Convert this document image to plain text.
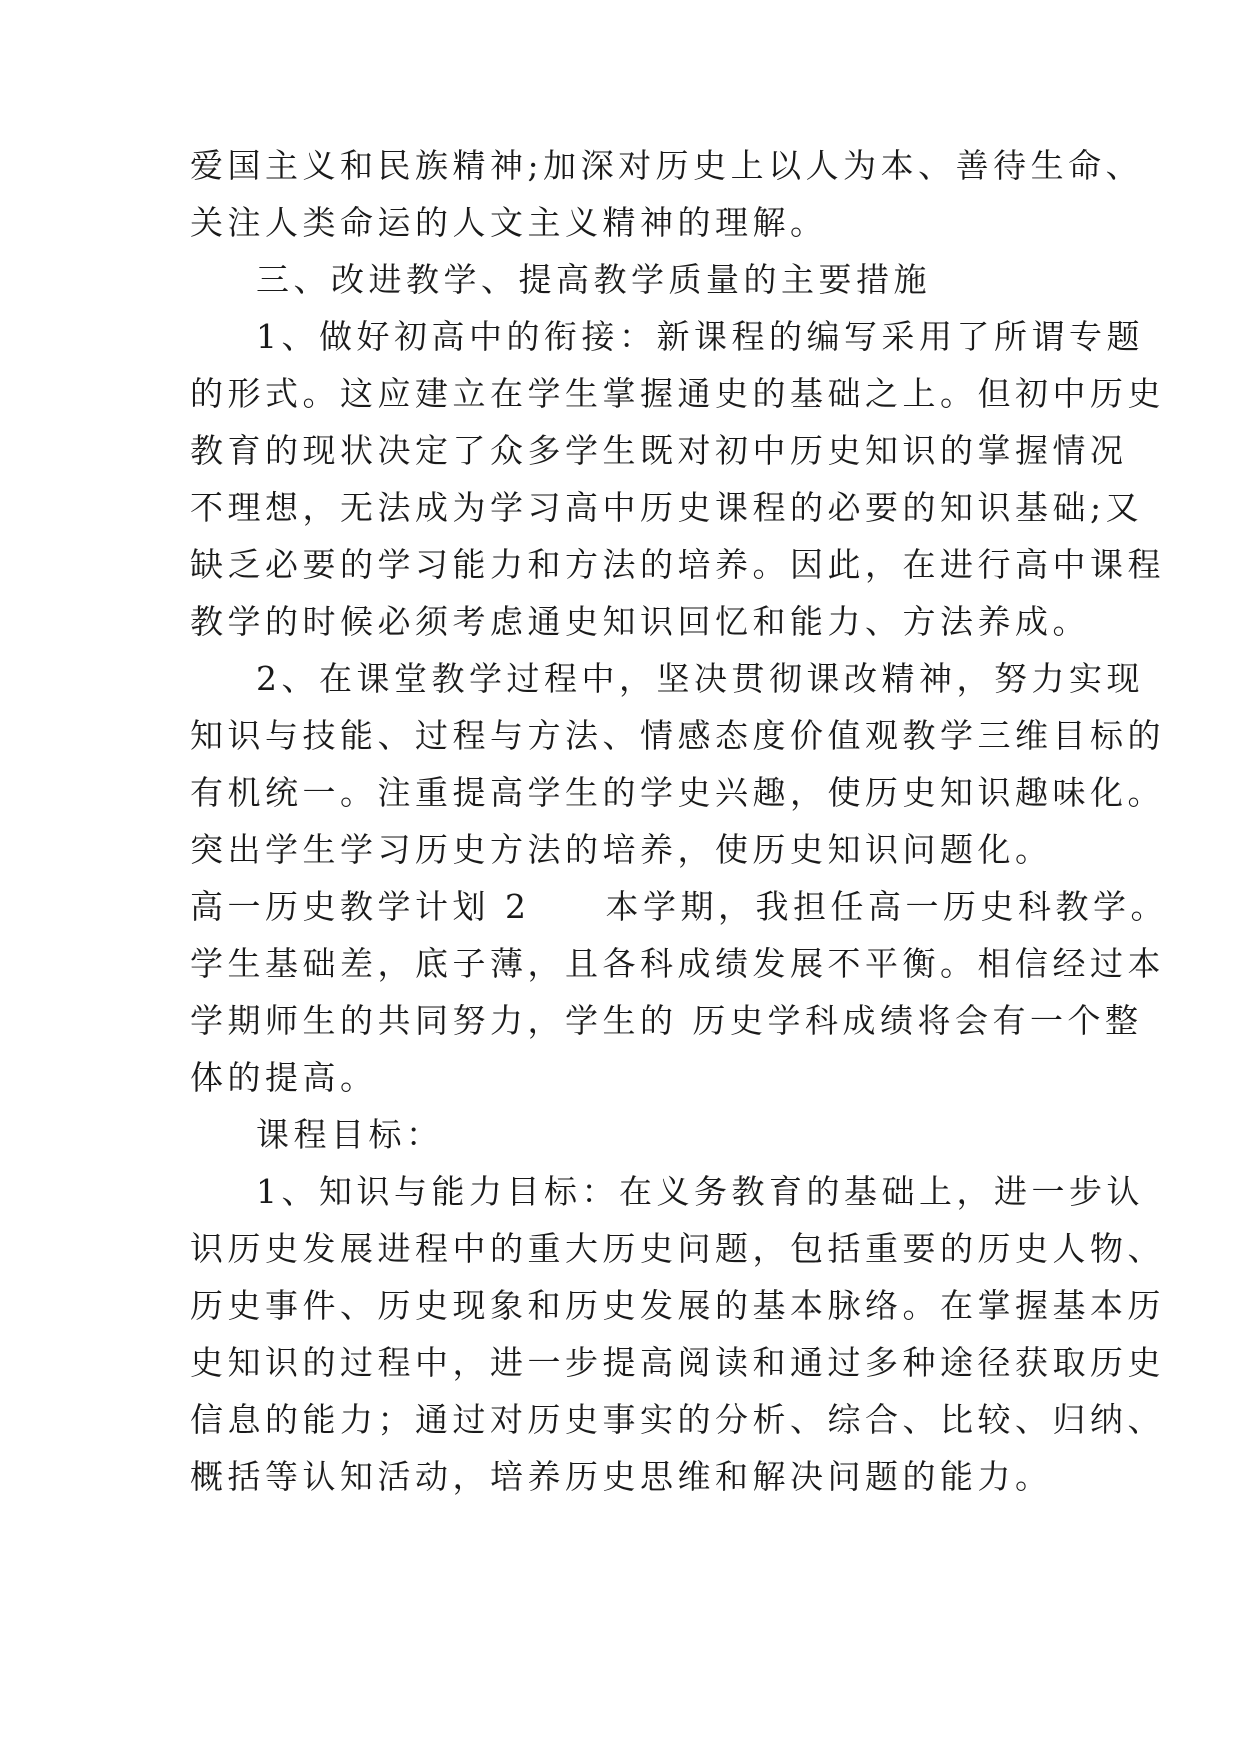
爱国主义和民族精神;加深对历史上以人为本、善待生命、
关注人类命运的人文主义精神的理解。
三、改进教学、提高教学质量的主要措施
1、做好初高中的衔接：新课程的编写采用了所谓专题
的形式。这应建立在学生掌握通史的基础之上。但初中历史
教育的现状决定了众多学生既对初中历史知识的掌握情况
不理想，无法成为学习高中历史课程的必要的知识基础;又
缺乏必要的学习能力和方法的培养。因此，在进行高中课程
教学的时候必须考虑通史知识回忆和能力、方法养成。
2、在课堂教学过程中，坚决贯彻课改精神，努力实现
知识与技能、过程与方法、情感态度价值观教学三维目标的
有机统一。注重提高学生的学史兴趣，使历史知识趣味化。
突出学生学习历史方法的培养，使历史知识问题化。
高一历史教学计划 2　　本学期，我担任高一历史科教学。
学生基础差，底子薄，且各科成绩发展不平衡。相信经过本
学期师生的共同努力，学生的 历史学科成绩将会有一个整
体的提高。
课程目标：
1、知识与能力目标：在义务教育的基础上，进一步认
识历史发展进程中的重大历史问题，包括重要的历史人物、
历史事件、历史现象和历史发展的基本脉络。在掌握基本历
史知识的过程中，进一步提高阅读和通过多种途径获取历史
信息的能力；通过对历史事实的分析、综合、比较、归纳、
概括等认知活动，培养历史思维和解决问题的能力。
